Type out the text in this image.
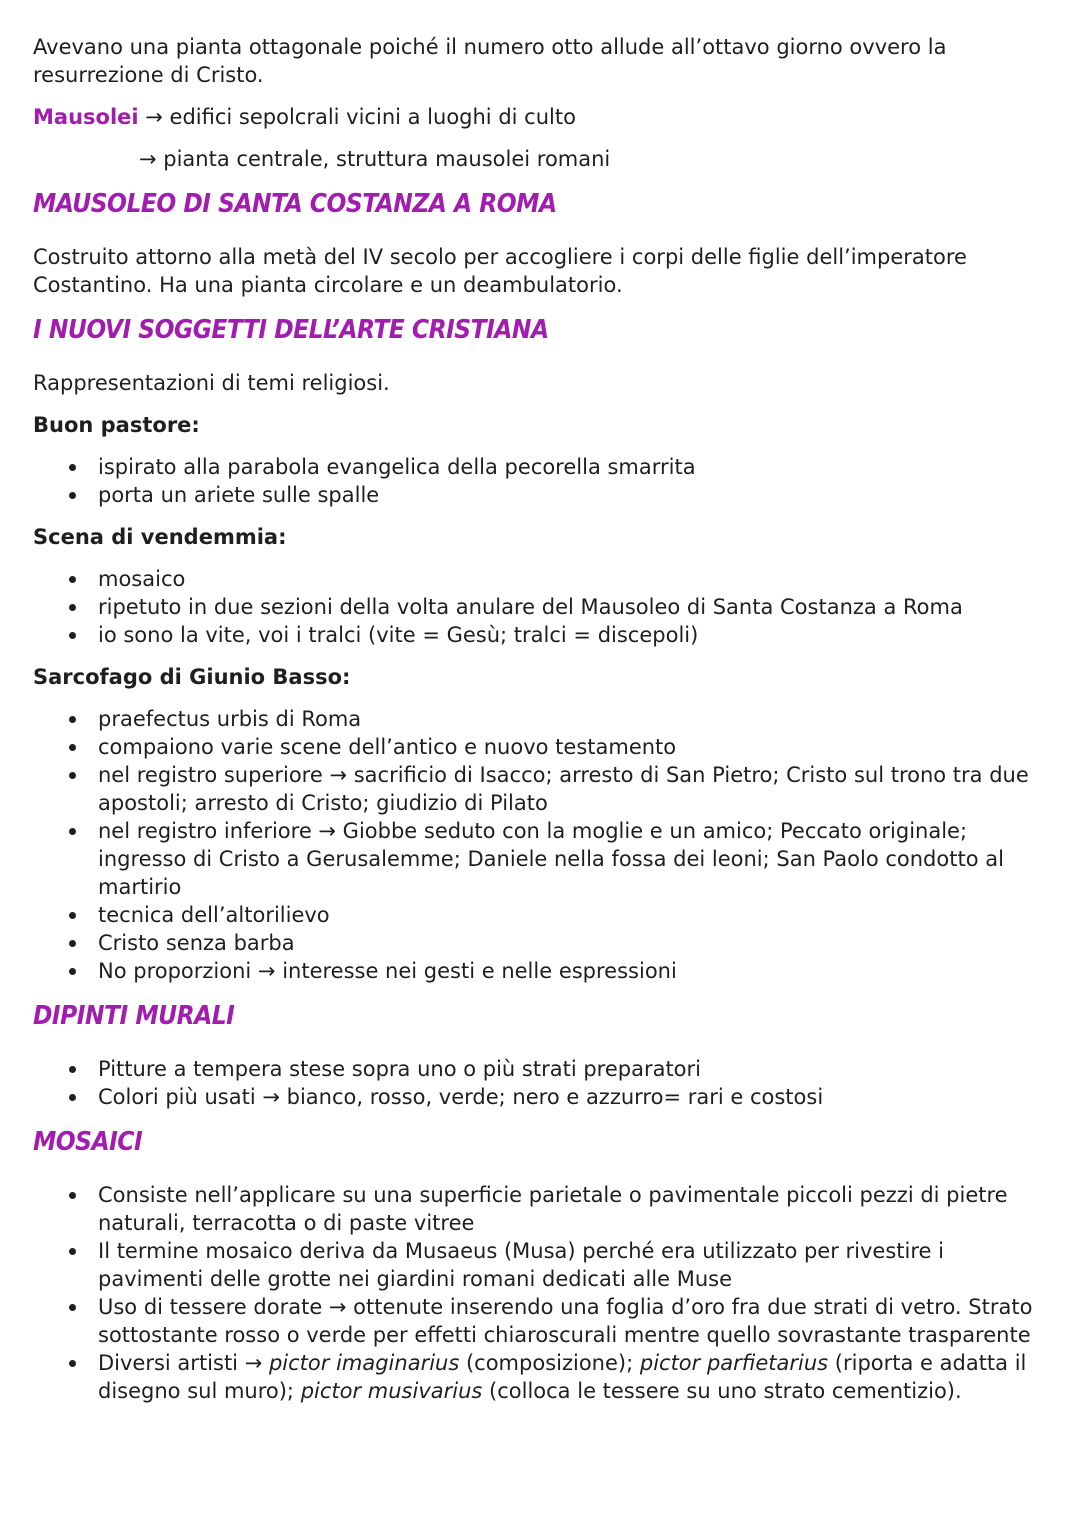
Avevano una pianta ottagonale poiché il numero otto allude all’ottavo giorno ovvero la resurrezione di Cristo.

Mausolei → edifici sepolcrali vicini a luoghi di culto

→ pianta centrale, struttura mausolei romani

MAUSOLEO DI SANTA COSTANZA A ROMA

Costruito attorno alla metà del IV secolo per accogliere i corpi delle figlie dell’imperatore Costantino. Ha una pianta circolare e un deambulatorio.

I NUOVI SOGGETTI DELL’ARTE CRISTIANA

Rappresentazioni di temi religiosi.

Buon pastore:

ispirato alla parabola evangelica della pecorella smarrita
porta un ariete sulle spalle

Scena di vendemmia:

mosaico
ripetuto in due sezioni della volta anulare del Mausoleo di Santa Costanza a Roma
io sono la vite, voi i tralci (vite = Gesù; tralci = discepoli)

Sarcofago di Giunio Basso:

praefectus urbis di Roma
compaiono varie scene dell’antico e nuovo testamento
nel registro superiore → sacrificio di Isacco; arresto di San Pietro; Cristo sul trono tra due apostoli; arresto di Cristo; giudizio di Pilato
nel registro inferiore → Giobbe seduto con la moglie e un amico; Peccato originale; ingresso di Cristo a Gerusalemme; Daniele nella fossa dei leoni; San Paolo condotto al martirio
tecnica dell’altorilievo
Cristo senza barba
No proporzioni → interesse nei gesti e nelle espressioni
DIPINTI MURALI
Pitture a tempera stese sopra uno o più strati preparatori
Colori più usati → bianco, rosso, verde; nero e azzurro= rari e costosi
MOSAICI
Consiste nell’applicare su una superficie parietale o pavimentale piccoli pezzi di pietre naturali, terracotta o di paste vitree
Il termine mosaico deriva da Musaeus (Musa) perché era utilizzato per rivestire i pavimenti delle grotte nei giardini romani dedicati alle Muse
Uso di tessere dorate → ottenute inserendo una foglia d’oro fra due strati di vetro. Strato sottostante rosso o verde per effetti chiaroscurali mentre quello sovrastante trasparente
Diversi artisti → pictor imaginarius (composizione); pictor parfietarius (riporta e adatta il disegno sul muro); pictor musivarius (colloca le tessere su uno strato cementizio).
